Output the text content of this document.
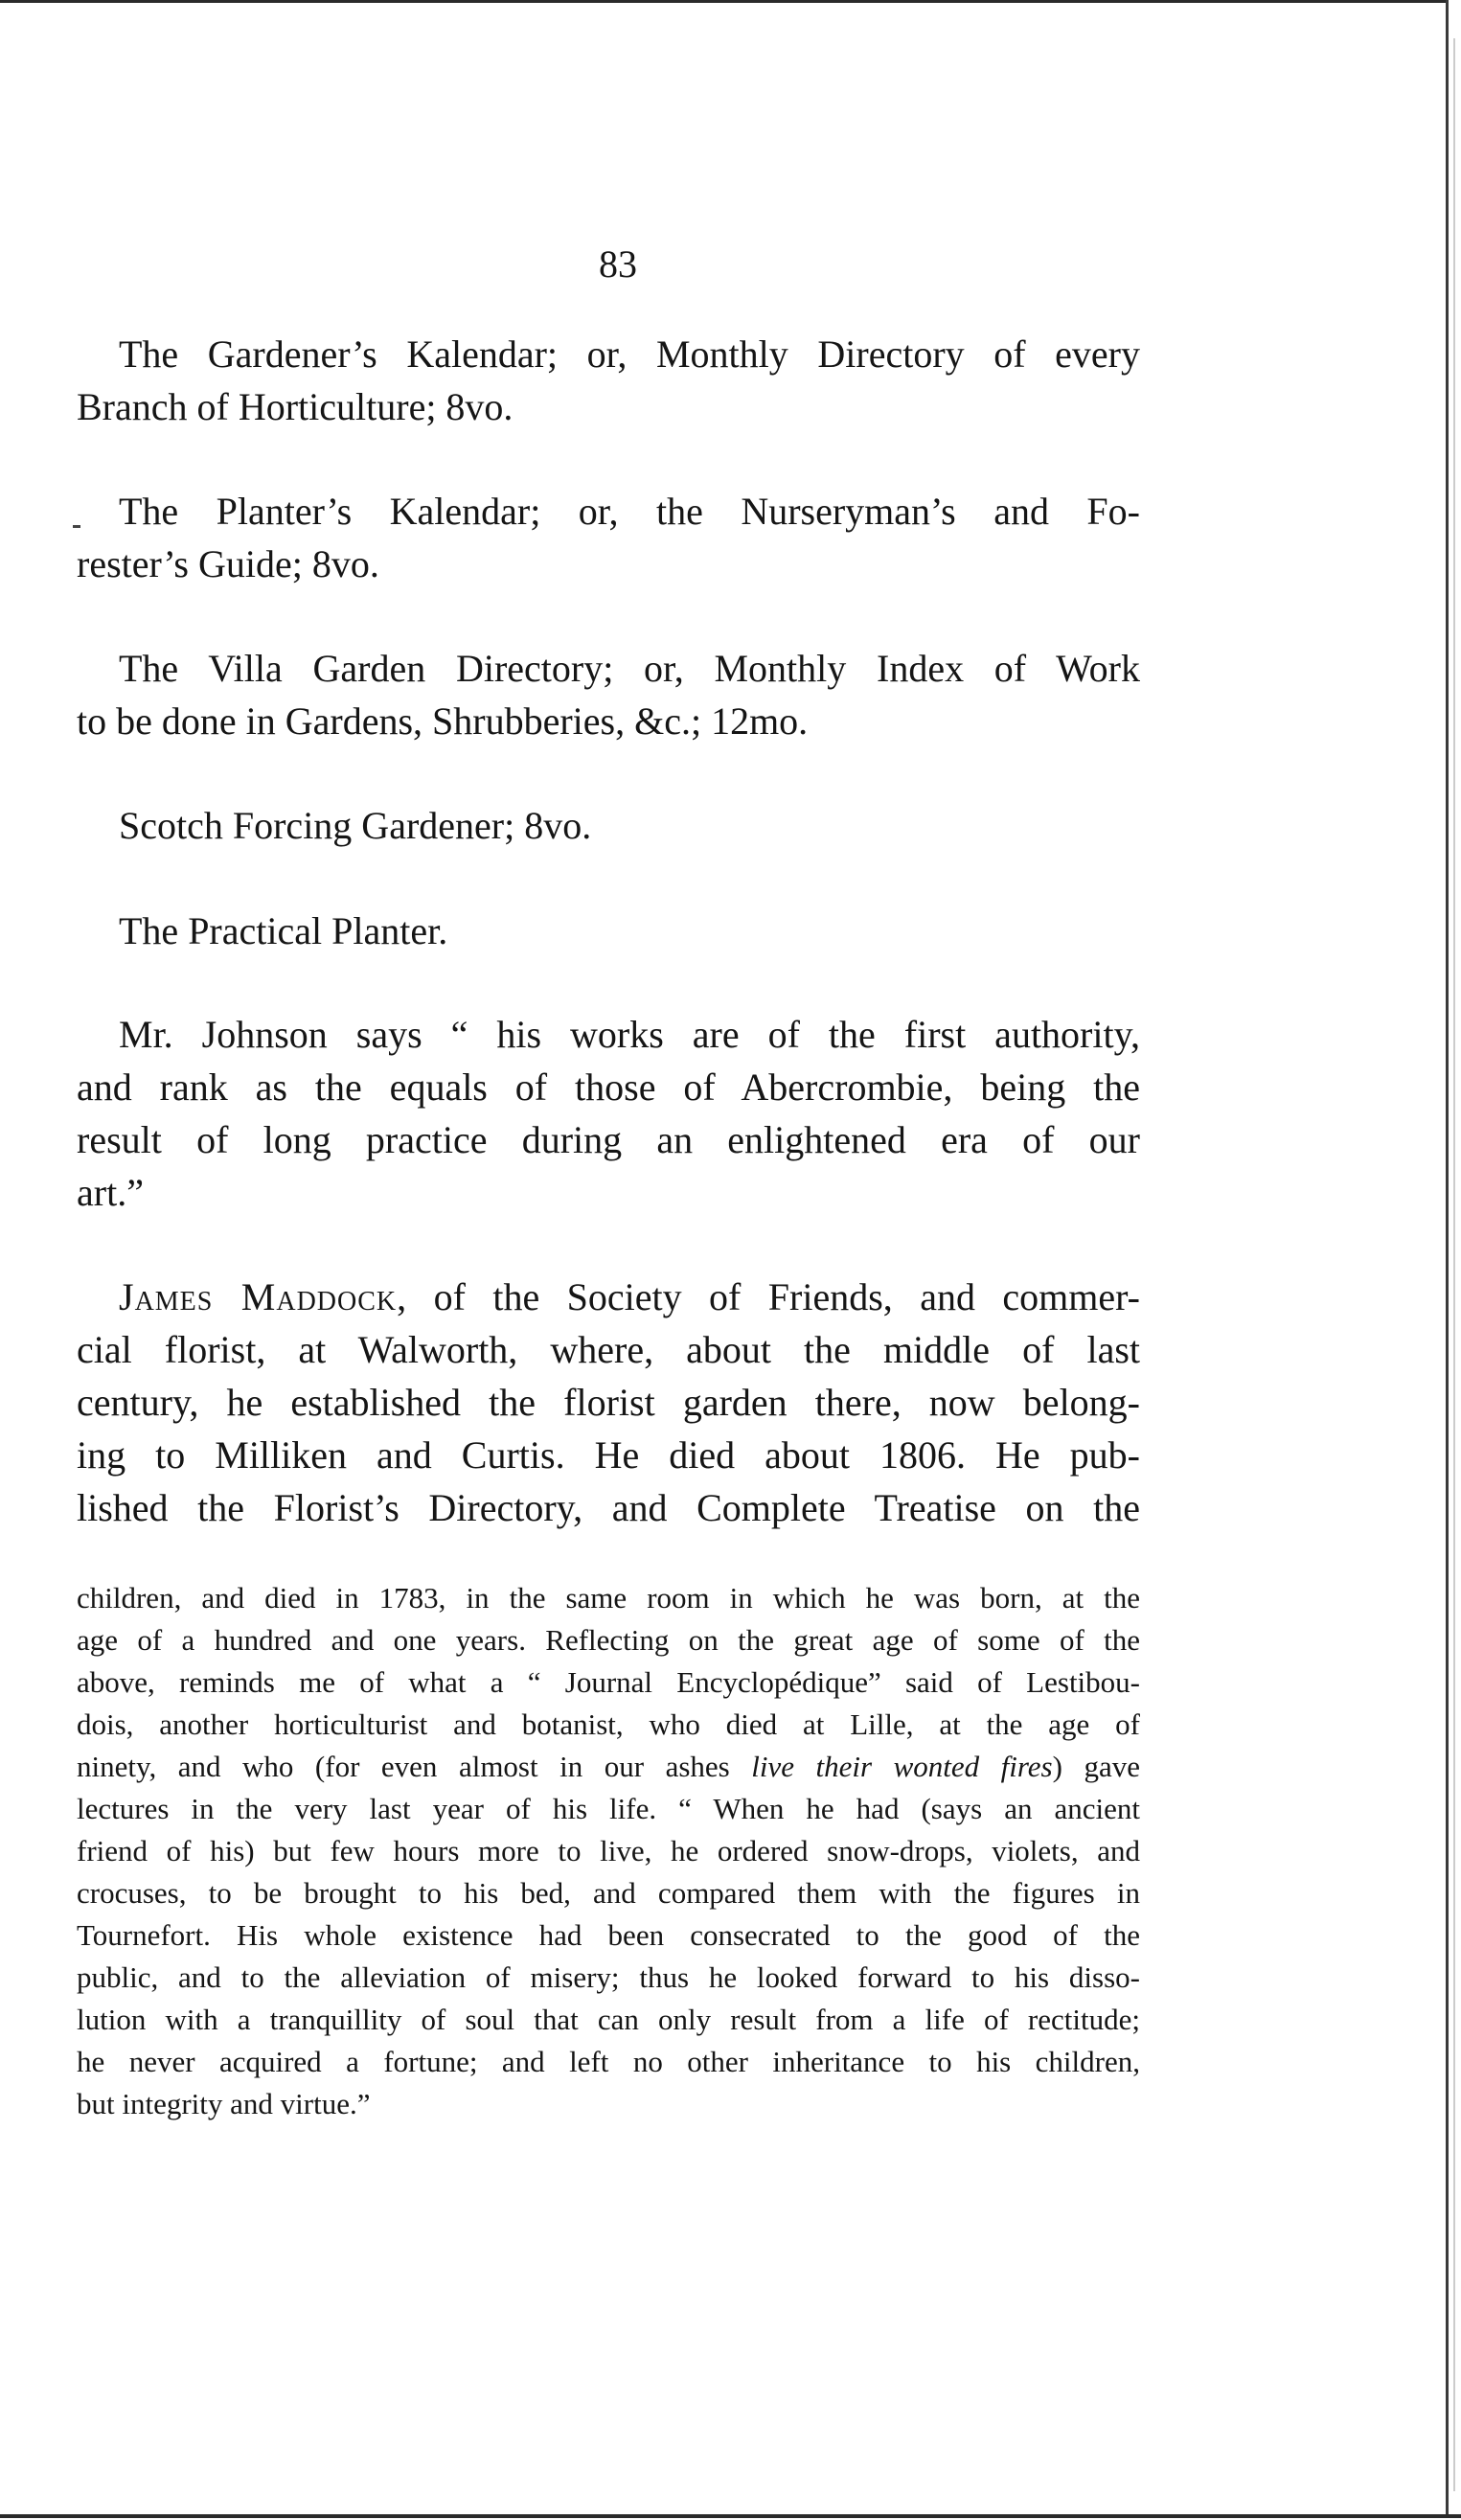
83
The Gardener’s Kalendar; or, Monthly Directory of every
Branch of Horticulture; 8vo.
The Planter’s Kalendar; or, the Nurseryman’s and Fo-
rester’s Guide; 8vo.
The Villa Garden Directory; or, Monthly Index of Work
to be done in Gardens, Shrubberies, &c.; 12mo.
Scotch Forcing Gardener; 8vo.
The Practical Planter.
Mr. Johnson says “ his works are of the first authority,
and rank as the equals of those of Abercrombie, being the
result of long practice during an enlightened era of our
art.”
James Maddock, of the Society of Friends, and commer-
cial florist, at Walworth, where, about the middle of last
century, he established the florist garden there, now belong-
ing to Milliken and Curtis. He died about 1806. He pub-
lished the Florist’s Directory, and Complete Treatise on the
children, and died in 1783, in the same room in which he was born, at the
age of a hundred and one years. Reflecting on the great age of some of the
above, reminds me of what a “ Journal Encyclopédique” said of Lestibou-
dois, another horticulturist and botanist, who died at Lille, at the age of
ninety, and who (for even almost in our ashes live their wonted fires) gave
lectures in the very last year of his life. “ When he had (says an ancient
friend of his) but few hours more to live, he ordered snow-drops, violets, and
crocuses, to be brought to his bed, and compared them with the figures in
Tournefort. His whole existence had been consecrated to the good of the
public, and to the alleviation of misery; thus he looked forward to his disso-
lution with a tranquillity of soul that can only result from a life of rectitude;
he never acquired a fortune; and left no other inheritance to his children,
but integrity and virtue.”
